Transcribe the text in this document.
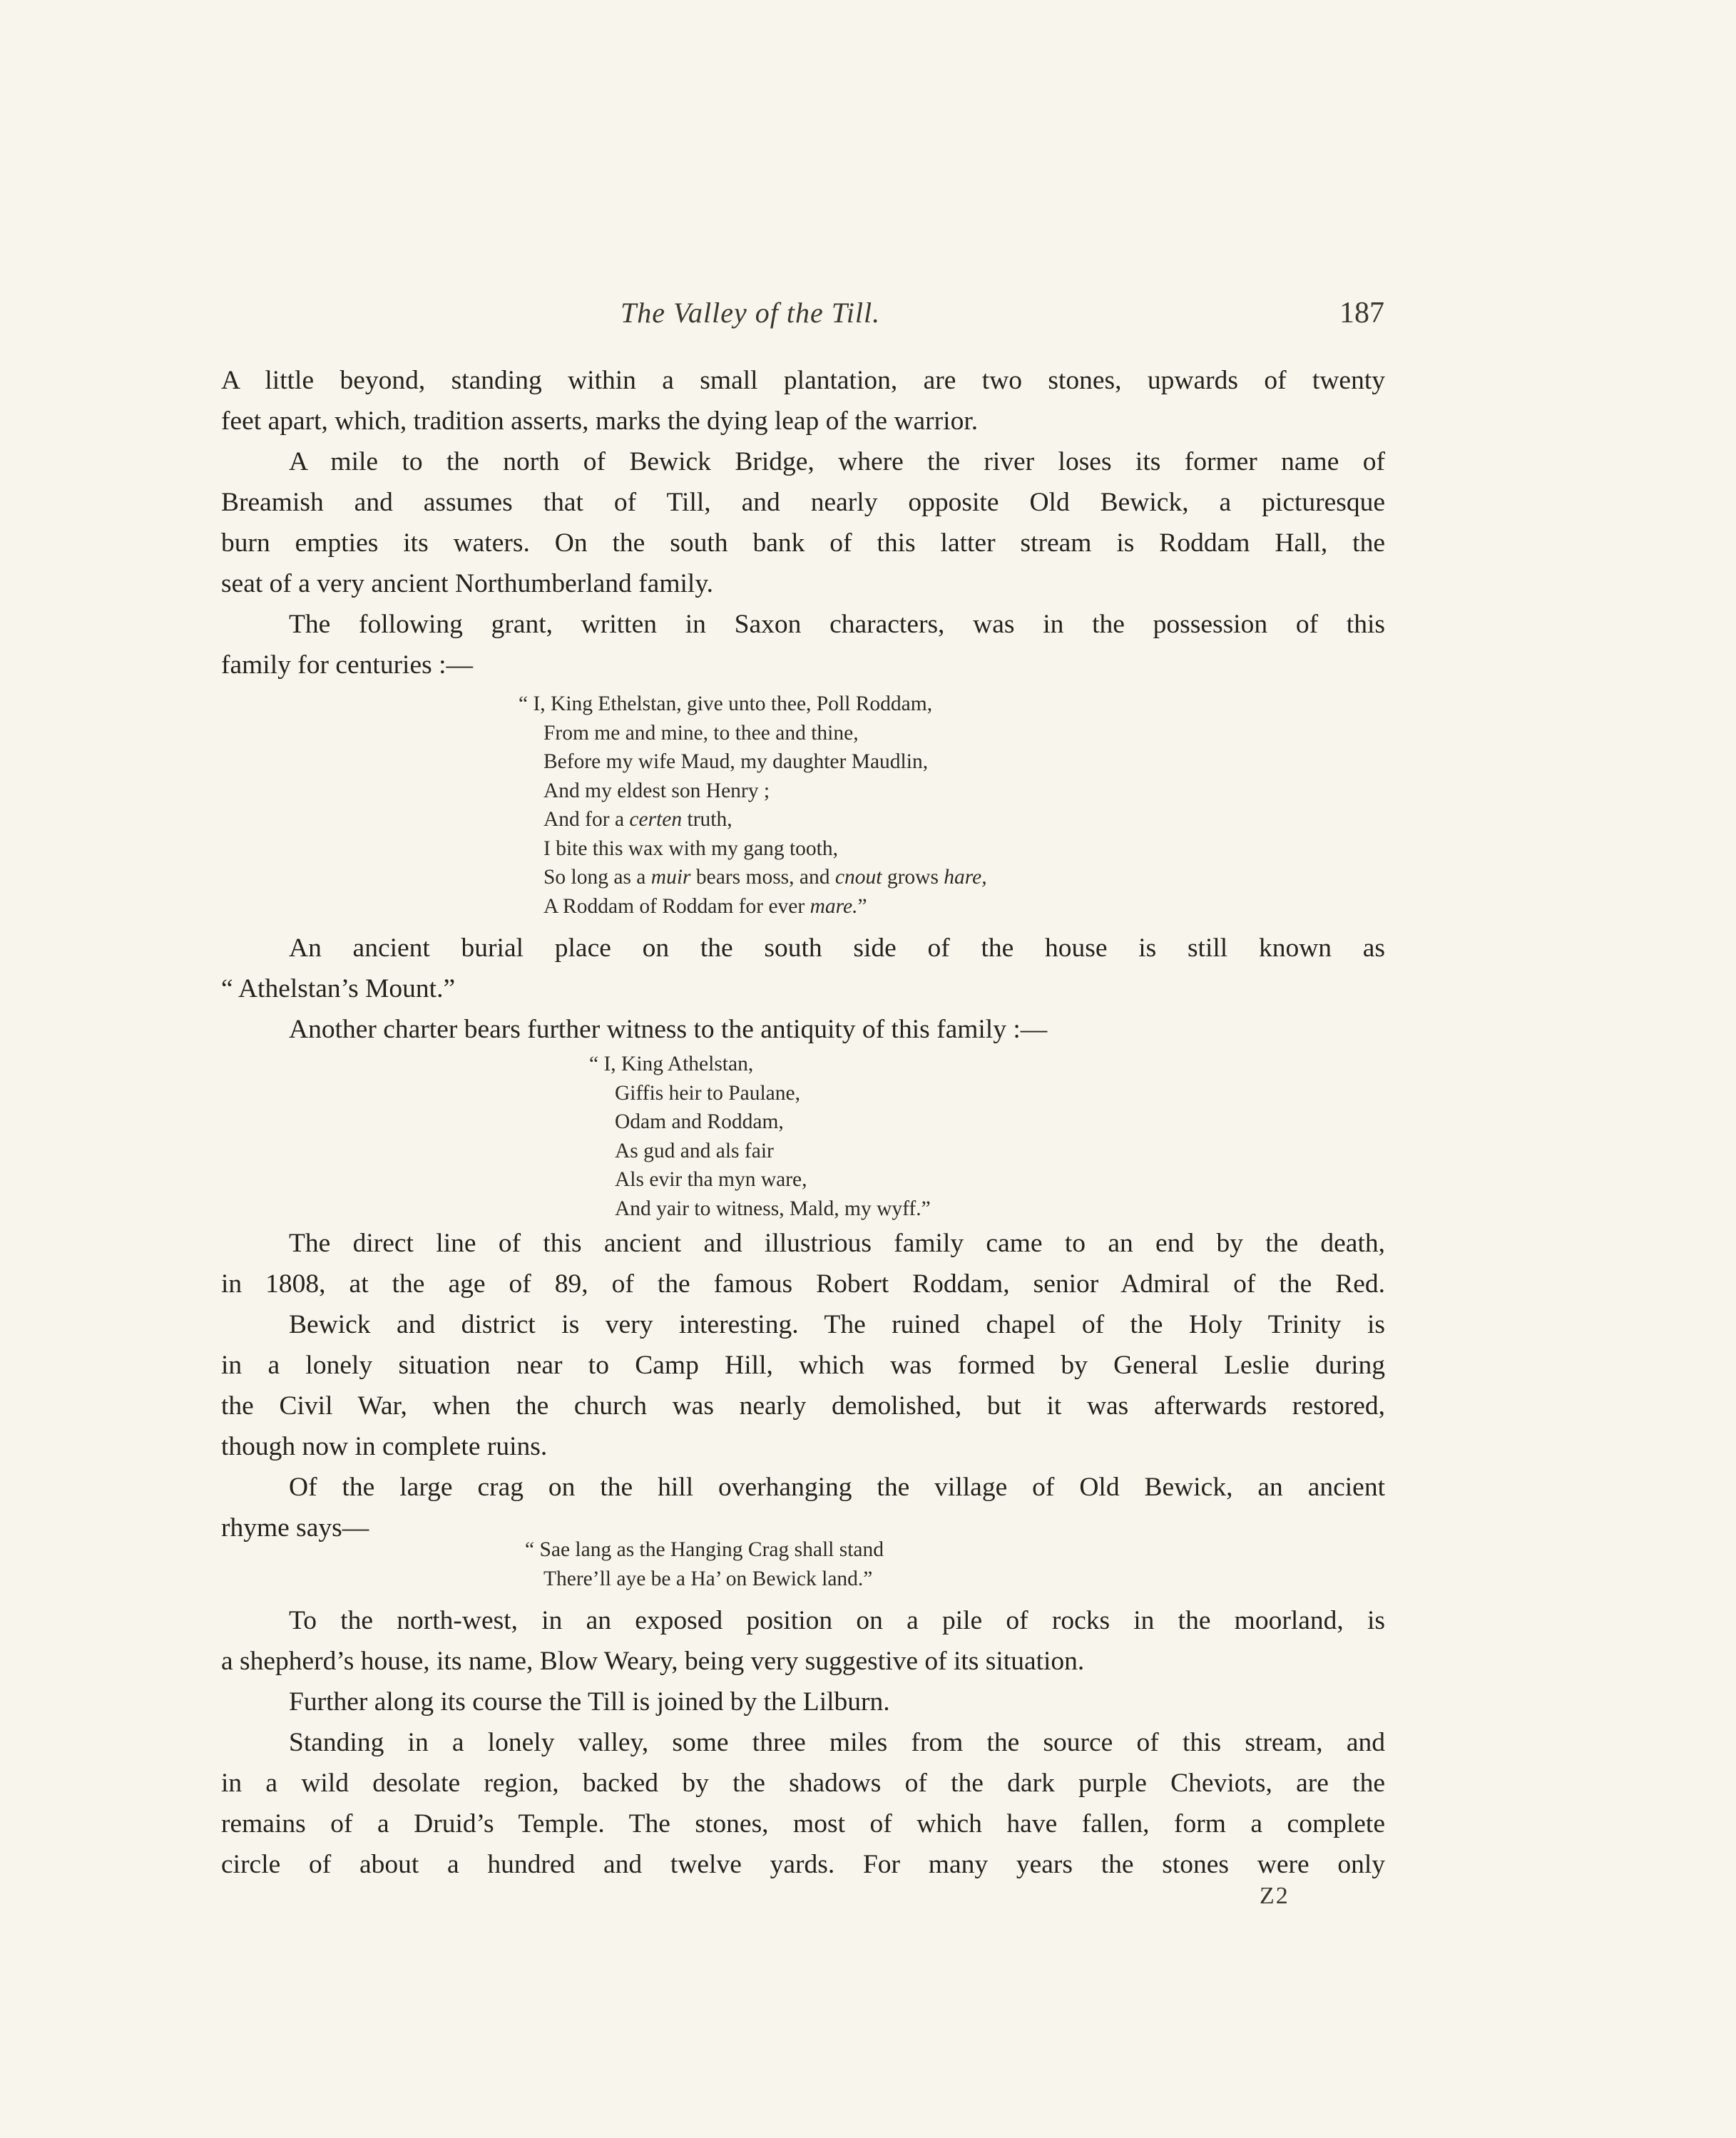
The Valley of the Till.	187
A little beyond, standing within a small plantation, are two stones, upwards of twenty
feet apart, which, tradition asserts, marks the dying leap of the warrior.
A mile to the north of Bewick Bridge, where the river loses its former name of
Breamish and assumes that of Till, and nearly opposite Old Bewick, a picturesque
burn empties its waters. On the south bank of this latter stream is Roddam Hall, the
seat of a very ancient Northumberland family.
The following grant, written in Saxon characters, was in the possession of this
family for centuries :—
“ I, King Ethelstan, give unto thee, Poll Roddam,
From me and mine, to thee and thine,
Before my wife Maud, my daughter Maudlin,
And my eldest son Henry ;
And for a certen truth,
I bite this wax with my gang tooth,
So long as a muir bears moss, and cnout grows hare,
A Roddam of Roddam for ever mare.”
An ancient burial place on the south side of the house is still known as
“ Athelstan’s Mount.”
Another charter bears further witness to the antiquity of this family :—
“ I, King Athelstan,
Giffis heir to Paulane,
Odam and Roddam,
As gud and als fair
Als evir tha myn ware,
And yair to witness, Mald, my wyff.”
The direct line of this ancient and illustrious family came to an end by the death,
in 1808, at the age of 89, of the famous Robert Roddam, senior Admiral of the Red.
Bewick and district is very interesting. The ruined chapel of the Holy Trinity is
in a lonely situation near to Camp Hill, which was formed by General Leslie during
the Civil War, when the church was nearly demolished, but it was afterwards restored,
though now in complete ruins.
Of the large crag on the hill overhanging the village of Old Bewick, an ancient
rhyme says—
“ Sae lang as the Hanging Crag shall stand
There’ll aye be a Ha’ on Bewick land.”
To the north-west, in an exposed position on a pile of rocks in the moorland, is
a shepherd’s house, its name, Blow Weary, being very suggestive of its situation.
Further along its course the Till is joined by the Lilburn.
Standing in a lonely valley, some three miles from the source of this stream, and
in a wild desolate region, backed by the shadows of the dark purple Cheviots, are the
remains of a Druid’s Temple. The stones, most of which have fallen, form a complete
circle of about a hundred and twelve yards. For many years the stones were only
Z2
